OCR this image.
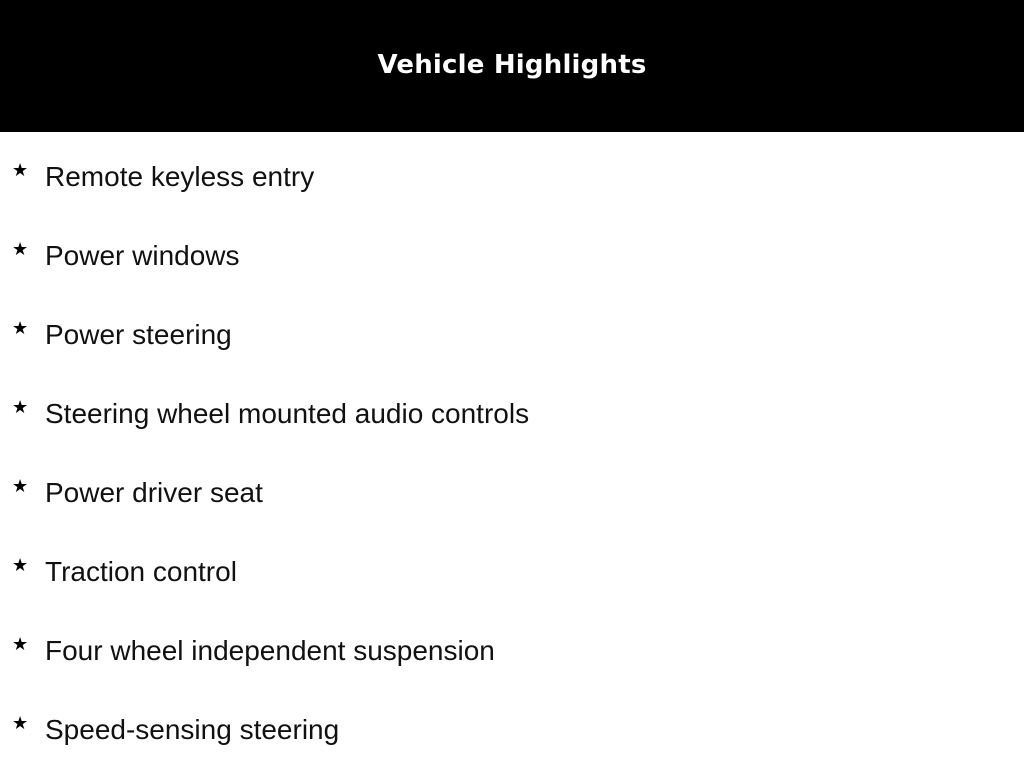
Vehicle Highlights
★ Remote keyless entry
★ Power windows
★ Power steering
★ Steering wheel mounted audio controls
★ Power driver seat
★ Traction control
★ Four wheel independent suspension
★ Speed-sensing steering
